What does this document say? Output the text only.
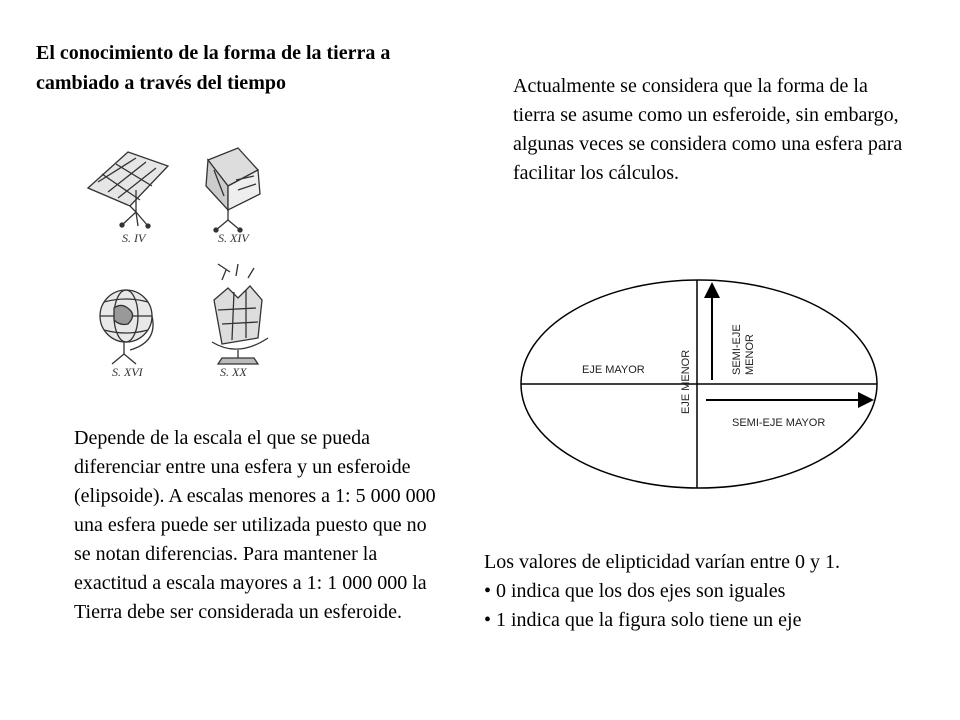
El conocimiento de la forma de la tierra a cambiado a través del tiempo	Actualmente se considera que la forma de la tierra se asume como un esferoide, sin embargo, algunas veces se considera como una esfera para facilitar los cálculos.
S. IV	S. XIV
S. XVI	S. XX	EJE MAYOR	EJE MENOR
SEMI-EJE MENOR
SEMI-EJE MAYOR
Depende de la escala el que se pueda diferenciar entre una esfera y un esferoide (elipsoide). A escalas menores a 1: 5 000 000 una esfera puede ser utilizada puesto que no se notan diferencias. Para mantener la exactitud a escala mayores a 1: 1 000 000 la Tierra debe ser considerada un esferoide.

Los valores de elipticidad varían entre 0 y 1.

• 0 indica que los dos ejes son iguales

• 1 indica que la figura solo tiene un eje
